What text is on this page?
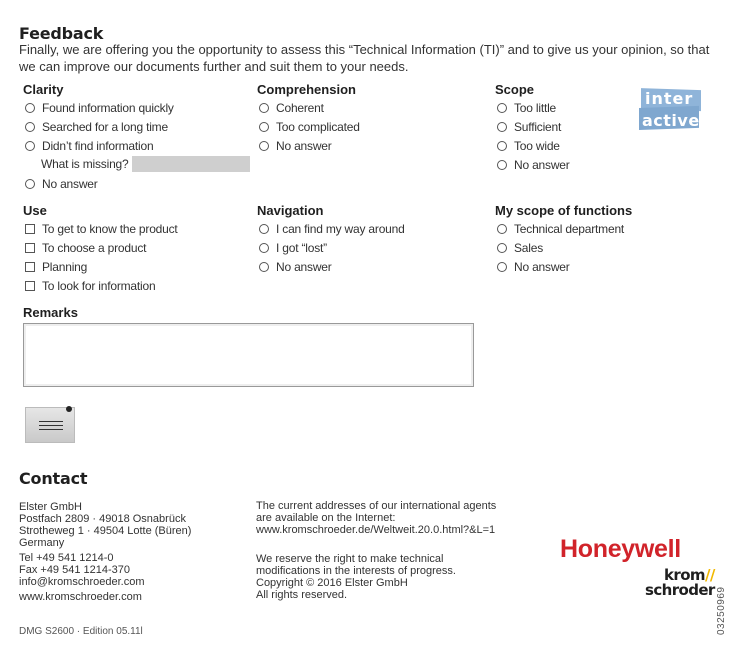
Feedback
Finally, we are offering you the opportunity to assess this “Technical Information (TI)” and to give us your opinion, so that we can improve our documents further and suit them to your needs.
inter
active
Clarity
Found information quickly
Searched for a long time
Didn’t find information
What is missing?
No answer
Comprehension
Coherent
Too complicated
No answer
Scope
Too little
Sufficient
Too wide
No answer
Use
To get to know the product
To choose a product
Planning
To look for information
Navigation
I can find my way around
I got “lost”
No answer
My scope of functions
Technical department
Sales
No answer
Remarks
Contact
Elster GmbH
Postfach 2809 · 49018 Osnabrück
Strotheweg 1 · 49504 Lotte (Büren)
Germany
Tel +49 541 1214-0
Fax +49 541 1214-370
info@kromschroeder.com
www.kromschroeder.com
The current addresses of our international agents
are available on the Internet:
www.kromschroeder.de/Weltweit.20.0.html?&L=1
We reserve the right to make technical
modifications in the interests of progress.
Copyright © 2016 Elster GmbH
All rights reserved.
DMG S2600 · Edition 05.11l
Honeywell
krom//
schroder 03250969
